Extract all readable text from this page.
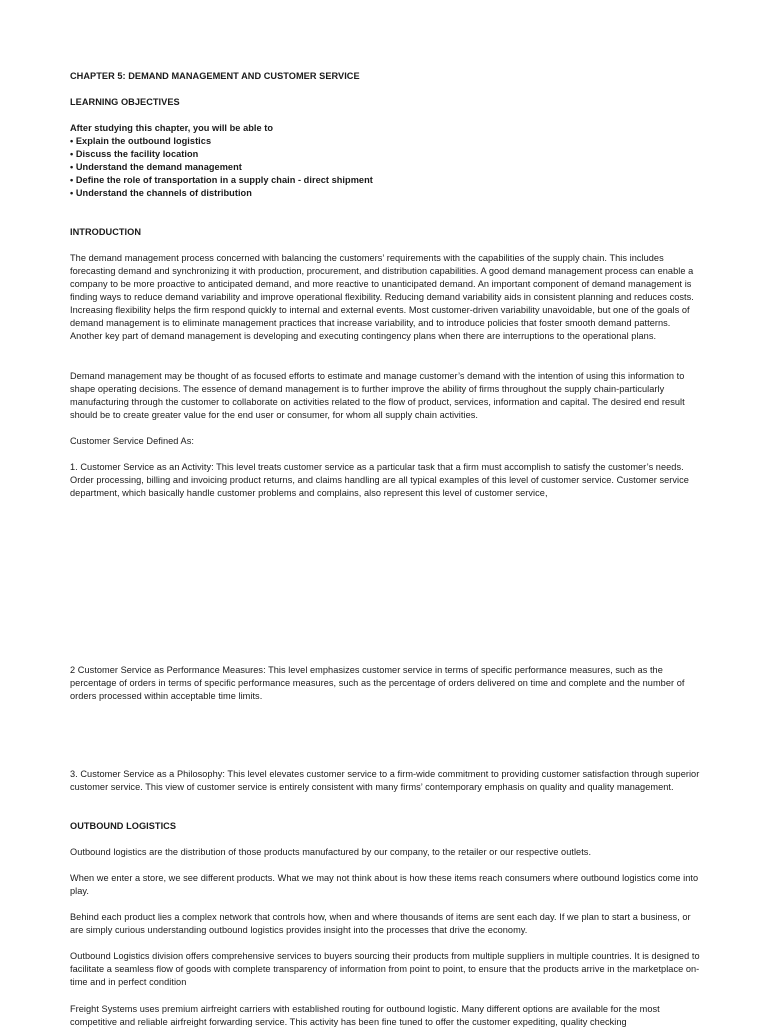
CHAPTER 5: DEMAND MANAGEMENT AND CUSTOMER SERVICE
LEARNING OBJECTIVES
After studying this chapter, you will be able to
• Explain the outbound logistics
• Discuss the facility location
• Understand the demand management
• Define the role of transportation in a supply chain - direct shipment
• Understand the channels of distribution
INTRODUCTION

The demand management process concerned with balancing the customers’ requirements with the capabilities of the supply chain. This includes forecasting demand and synchronizing it with production, procurement, and distribution capabilities. A good demand management process can enable a company to be more proactive to anticipated demand, and more reactive to unanticipated demand. An important component of demand management is finding ways to reduce demand variability and improve operational flexibility. Reducing demand variability aids in consistent planning and reduces costs. Increasing flexibility helps the firm respond quickly to internal and external events. Most customer-driven variability unavoidable, but one of the goals of demand management is to eliminate management practices that increase variability, and to introduce policies that foster smooth demand patterns. Another key part of demand management is developing and executing contingency plans when there are interruptions to the operational plans.

Demand management may be thought of as focused efforts to estimate and manage customer’s demand with the intention of using this information to shape operating decisions. The essence of demand management is to further improve the ability of firms throughout the supply chain-particularly manufacturing through the customer to collaborate on activities related to the flow of product, services, information and capital. The desired end result should be to create greater value for the end user or consumer, for whom all supply chain activities.

Customer Service Defined As:

1. Customer Service as an Activity: This level treats customer service as a particular task that a firm must accomplish to satisfy the customer’s needs. Order processing, billing and invoicing product returns, and claims handling are all typical examples of this level of customer service. Customer service department, which basically handle customer problems and complains, also represent this level of customer service,

2 Customer Service as Performance Measures: This level emphasizes customer service in terms of specific performance measures, such as the percentage of orders in terms of specific performance measures, such as the percentage of orders delivered on time and complete and the number of orders processed within acceptable time limits.

3. Customer Service as a Philosophy: This level elevates customer service to a firm-wide commitment to providing customer satisfaction through superior customer service. This view of customer service is entirely consistent with many firms’ contemporary emphasis on quality and quality management.

OUTBOUND LOGISTICS

Outbound logistics are the distribution of those products manufactured by our company, to the retailer or our respective outlets.

When we enter a store, we see different products. What we may not think about is how these items reach consumers where outbound logistics come into play.

Behind each product lies a complex network that controls how, when and where thousands of items are sent each day. If we plan to start a business, or are simply curious understanding outbound logistics provides insight into the processes that drive the economy.

Outbound Logistics division offers comprehensive services to buyers sourcing their products from multiple suppliers in multiple countries. It is designed to facilitate a seamless flow of goods with complete transparency of information from point to point, to ensure that the products arrive in the marketplace on-time and in perfect condition

Freight Systems uses premium airfreight carriers with established routing for outbound logistic. Many different options are available for the most competitive and reliable airfreight forwarding service. This activity has been fine tuned to offer the customer expediting, quality checking
